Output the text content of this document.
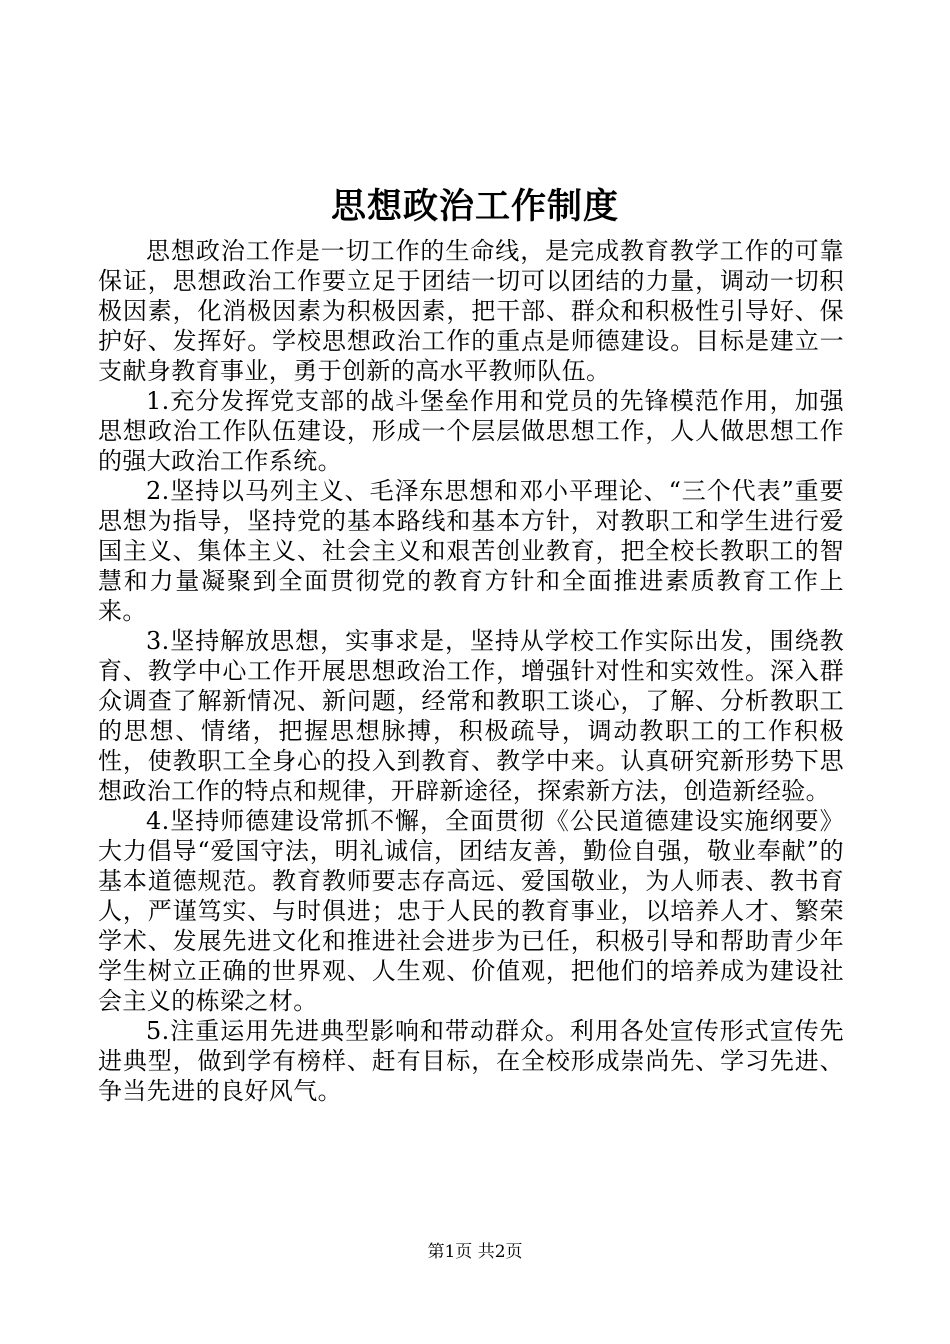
思想政治工作制度

思想政治工作是一切工作的生命线，是完成教育教学工作的可靠保证，思想政治工作要立足于团结一切可以团结的力量，调动一切积极因素，化消极因素为积极因素，把干部、群众和积极性引导好、保护好、发挥好。学校思想政治工作的重点是师德建设。目标是建立一支献身教育事业，勇于创新的高水平教师队伍。

1.充分发挥党支部的战斗堡垒作用和党员的先锋模范作用，加强思想政治工作队伍建设，形成一个层层做思想工作，人人做思想工作的强大政治工作系统。

2.坚持以马列主义、毛泽东思想和邓小平理论、“三个代表”重要思想为指导，坚持党的基本路线和基本方针，对教职工和学生进行爱国主义、集体主义、社会主义和艰苦创业教育，把全校长教职工的智慧和力量凝聚到全面贯彻党的教育方针和全面推进素质教育工作上来。

3.坚持解放思想，实事求是，坚持从学校工作实际出发，围绕教育、教学中心工作开展思想政治工作，增强针对性和实效性。深入群众调查了解新情况、新问题，经常和教职工谈心，了解、分析教职工的思想、情绪，把握思想脉搏，积极疏导，调动教职工的工作积极性，使教职工全身心的投入到教育、教学中来。认真研究新形势下思想政治工作的特点和规律，开辟新途径，探索新方法，创造新经验。

4.坚持师德建设常抓不懈，全面贯彻《公民道德建设实施纲要》大力倡导“爱国守法，明礼诚信，团结友善，勤俭自强，敬业奉献”的基本道德规范。教育教师要志存高远、爱国敬业，为人师表、教书育人，严谨笃实、与时俱进；忠于人民的教育事业，以培养人才、繁荣学术、发展先进文化和推进社会进步为已任，积极引导和帮助青少年学生树立正确的世界观、人生观、价值观，把他们的培养成为建设社会主义的栋梁之材。

5.注重运用先进典型影响和带动群众。利用各处宣传形式宣传先进典型，做到学有榜样、赶有目标，在全校形成崇尚先、学习先进、争当先进的良好风气。

第1页 共2页
